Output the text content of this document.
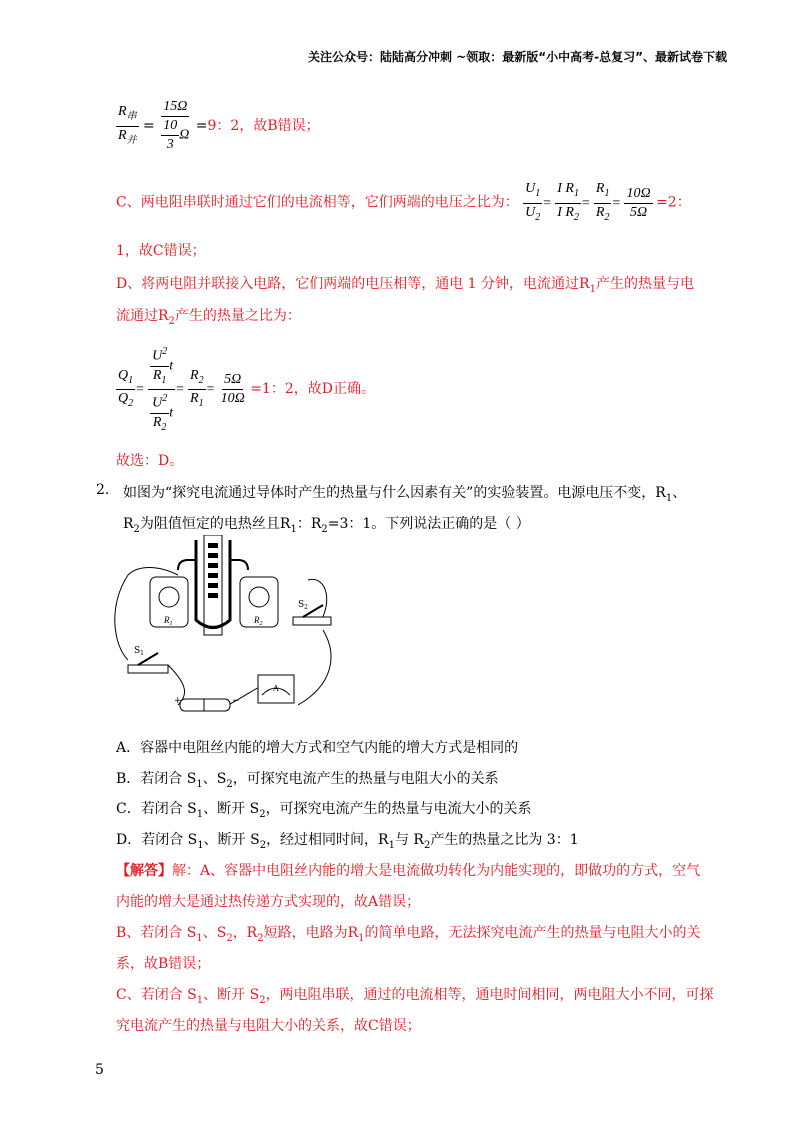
关注公众号：陆陆高分冲刺 ~领取：最新版“小中高考-总复习”、最新试卷下载
$\frac{R_串}{R_并} = \frac{15\Omega}{\frac{10}{3} \Omega} =9$：2，故B错误；
C、两电阻串联时通过它们的电流相等，它们两端的电压之比为： $\frac{U_1}{U_2} = \frac{I R_1}{I R_2} = \frac{R_1}{R_2} = \frac{10\Omega}{5\Omega} =2$：
1，故C错误；
D、将两电阻并联接入电路，它们两端的电压相等，通电 1 分钟，电流通过$R_1$产生的热量与电
流通过$R_2$产生的热量之比为：
$\frac{Q_1}{Q_2} = \frac{\frac{U^2}{R_1} t}{\frac{U^2}{R_2} t} = \frac{R_2}{R_1} = \frac{5\Omega}{10\Omega} =1$：2，故D正确。
故选：D。
2. 如图为“探究电流通过导体时产生的热量与什么因素有关”的实验装置。电源电压不变，$R_1$、
$R_2$为阻值恒定的电热丝且$R_1$：$R_2=3$：1。下列说法正确的是（ ）
$R_1$	$R_2$
$S_2$
$S_1$
+	−
A
A．容器中电阻丝内能的增大方式和空气内能的增大方式是相同的
B．若闭合 $S_1$、$S_2$，可探究电流产生的热量与电阻大小的关系
C．若闭合 $S_1$、断开 $S_2$，可探究电流产生的热量与电流大小的关系
D．若闭合 $S_1$、断开 $S_2$，经过相同时间，$R_1$与 $R_2$产生的热量之比为 3：1
【解答】解：A、容器中电阻丝内能的增大是电流做功转化为内能实现的，即做功的方式，空气
内能的增大是通过热传递方式实现的，故A错误；
B、若闭合 $S_1$、$S_2$，$R_2$短路，电路为$R_1$的简单电路，无法探究电流产生的热量与电阻大小的关
系，故B错误；
C、若闭合 $S_1$、断开 $S_2$，两电阻串联，通过的电流相等，通电时间相同，两电阻大小不同，可探
究电流产生的热量与电阻大小的关系，故C错误；
5
